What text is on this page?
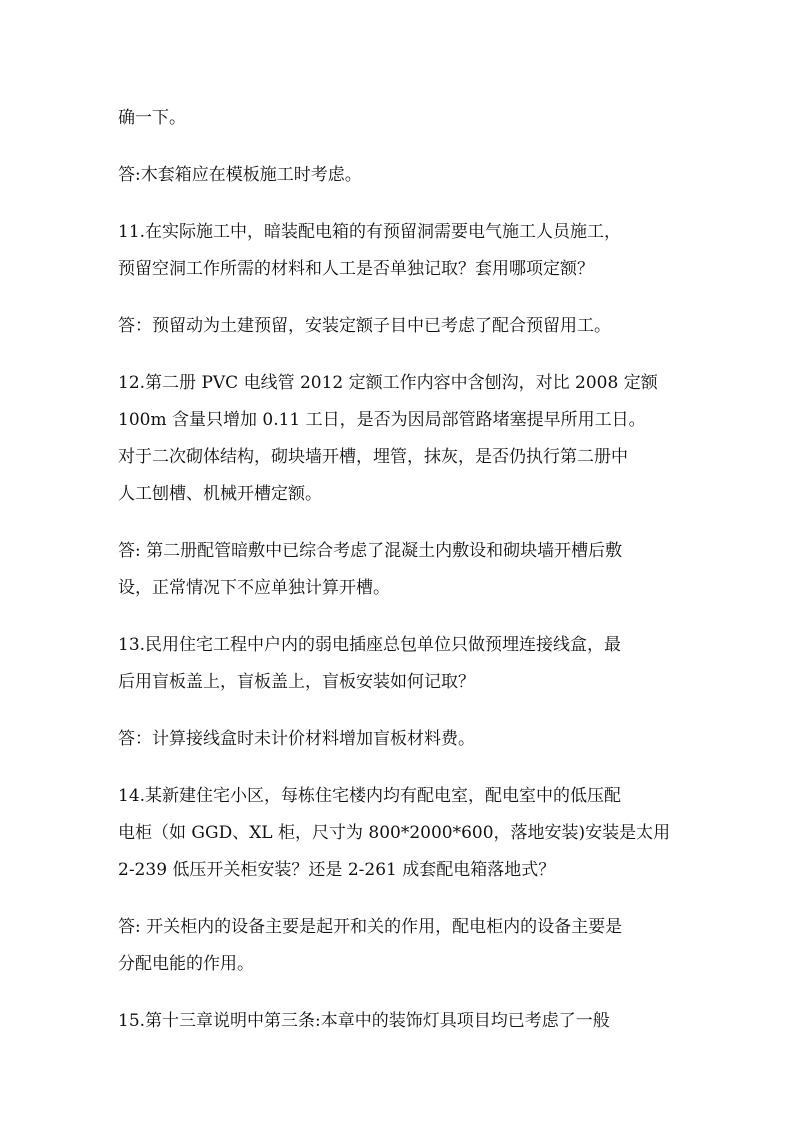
确一下。
答:木套箱应在模板施工时考虑。
11.在实际施工中，暗装配电箱的有预留洞需要电气施工人员施工，
预留空洞工作所需的材料和人工是否单独记取？套用哪项定额？
答：预留动为土建预留，安装定额子目中已考虑了配合预留用工。
12.第二册 PVC 电线管 2012 定额工作内容中含刨沟，对比 2008 定额
100m 含量只增加 0.11 工日，是否为因局部管路堵塞提早所用工日。
对于二次砌体结构，砌块墙开槽，埋管，抹灰，是否仍执行第二册中
人工刨槽、机械开槽定额。
答: 第二册配管暗敷中已综合考虑了混凝土内敷设和砌块墙开槽后敷
设，正常情况下不应单独计算开槽。
13.民用住宅工程中户内的弱电插座总包单位只做预埋连接线盒，最
后用盲板盖上，盲板盖上，盲板安装如何记取？
答：计算接线盒时未计价材料增加盲板材料费。
14.某新建住宅小区，每栋住宅楼内均有配电室，配电室中的低压配
电柜（如 GGD、XL 柜，尺寸为 800*2000*600，落地安装)安装是太用
2-239 低压开关柜安装？还是 2-261 成套配电箱落地式？
答: 开关柜内的设备主要是起开和关的作用，配电柜内的设备主要是
分配电能的作用。
15.第十三章说明中第三条:本章中的装饰灯具项目均已考虑了一般
